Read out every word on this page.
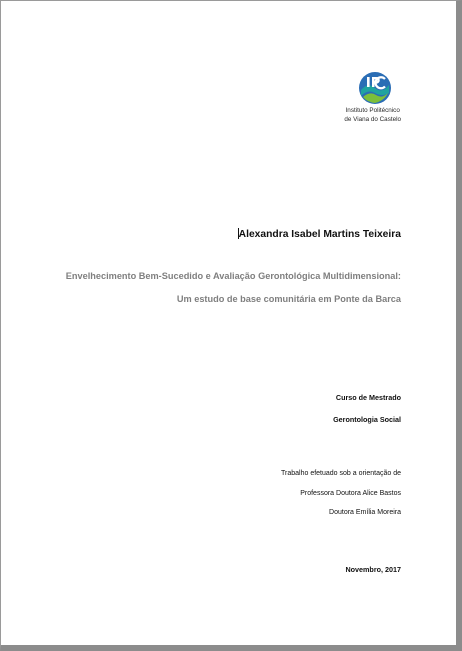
Instituto Politécnico
de Viana do Castelo
Alexandra Isabel Martins Teixeira
Envelhecimento Bem-Sucedido e Avaliação Gerontológica Multidimensional:
Um estudo de base comunitária em Ponte da Barca
Curso de Mestrado
Gerontologia Social
Trabalho efetuado sob a orientação de
Professora Doutora Alice Bastos
Doutora Emília Moreira
Novembro, 2017
